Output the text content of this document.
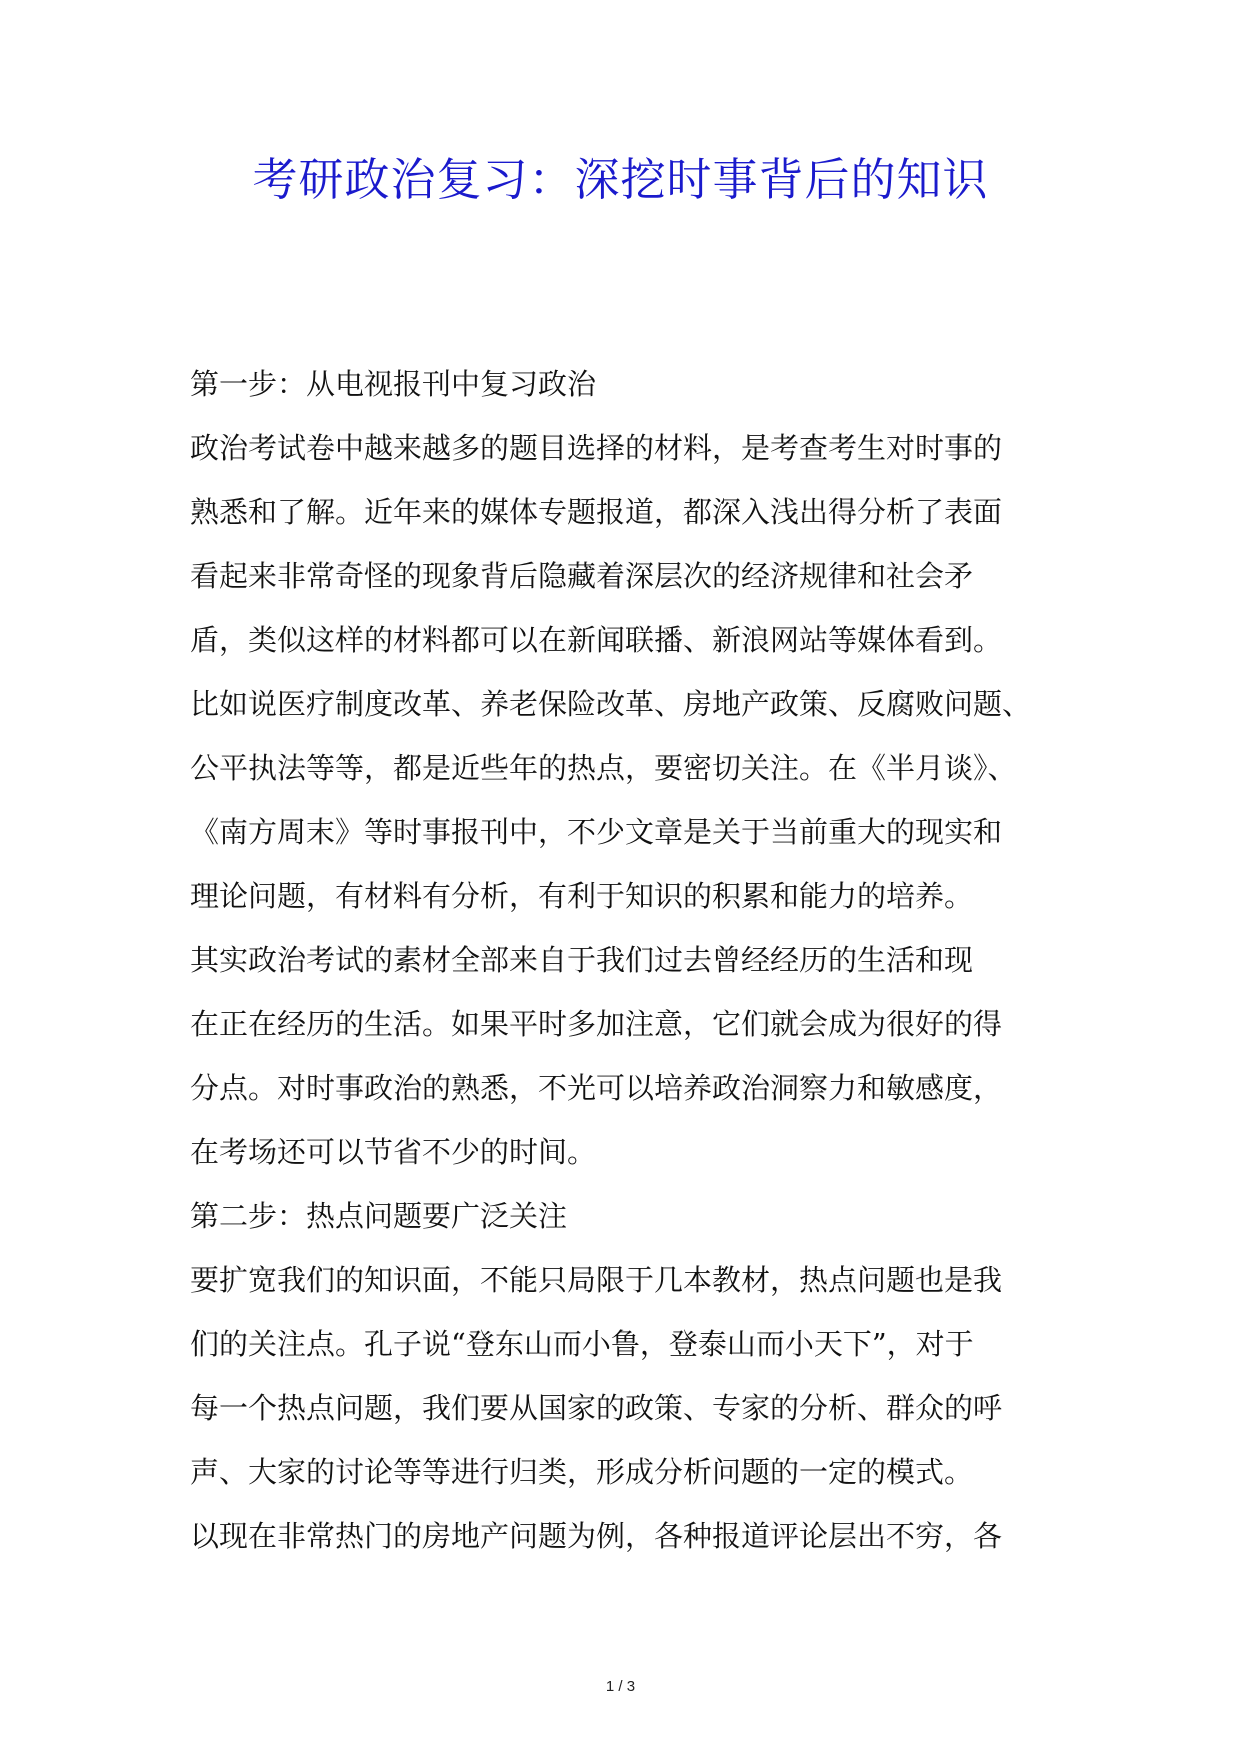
考研政治复习：深挖时事背后的知识
第一步：从电视报刊中复习政治
政治考试卷中越来越多的题目选择的材料，是考查考生对时事的
熟悉和了解。近年来的媒体专题报道，都深入浅出得分析了表面
看起来非常奇怪的现象背后隐藏着深层次的经济规律和社会矛
盾，类似这样的材料都可以在新闻联播、新浪网站等媒体看到。
比如说医疗制度改革、养老保险改革、房地产政策、反腐败问题、
公平执法等等，都是近些年的热点，要密切关注。在《半月谈》、
《南方周末》等时事报刊中，不少文章是关于当前重大的现实和
理论问题，有材料有分析，有利于知识的积累和能力的培养。
其实政治考试的素材全部来自于我们过去曾经经历的生活和现
在正在经历的生活。如果平时多加注意，它们就会成为很好的得
分点。对时事政治的熟悉，不光可以培养政治洞察力和敏感度，
在考场还可以节省不少的时间。
第二步：热点问题要广泛关注
要扩宽我们的知识面，不能只局限于几本教材，热点问题也是我
们的关注点。孔子说“登东山而小鲁，登泰山而小天下”，对于
每一个热点问题，我们要从国家的政策、专家的分析、群众的呼
声、大家的讨论等等进行归类，形成分析问题的一定的模式。
以现在非常热门的房地产问题为例，各种报道评论层出不穷，各
1 / 3
